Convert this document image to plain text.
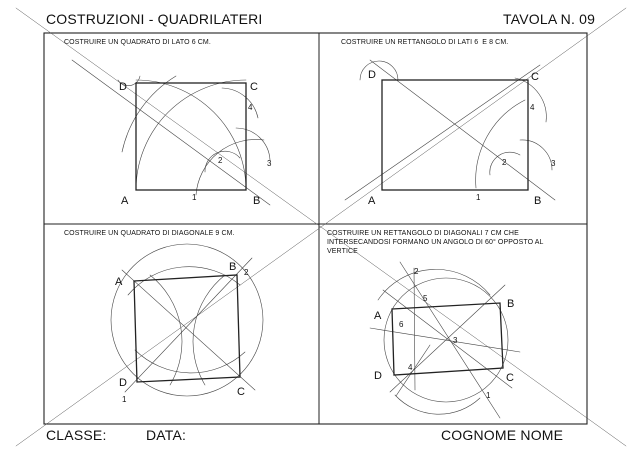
COSTRUZIONI - QUADRILATERI	TAVOLA N. 09
CLASSE:	DATA:	COGNOME NOME
COSTRUIRE UN QUADRATO DI LATO 6 CM.	COSTRUIRE UN RETTANGOLO DI LATI 6  E 8 CM.
COSTRUIRE UN QUADRATO DI DIAGONALE 9 CM.	COSTRUIRE UN RETTANGOLO DI DIAGONALI 7 CM CHE
INTERSECANDOSI FORMANO UN ANGOLO DI 60° OPPOSTO AL
VERTICE
D	C
A	B
1
2	3
4
D	C
A	B
1
2	3
4
A
B
C
D
1
2
A
B
C
D
1
2
3
4
5
6
